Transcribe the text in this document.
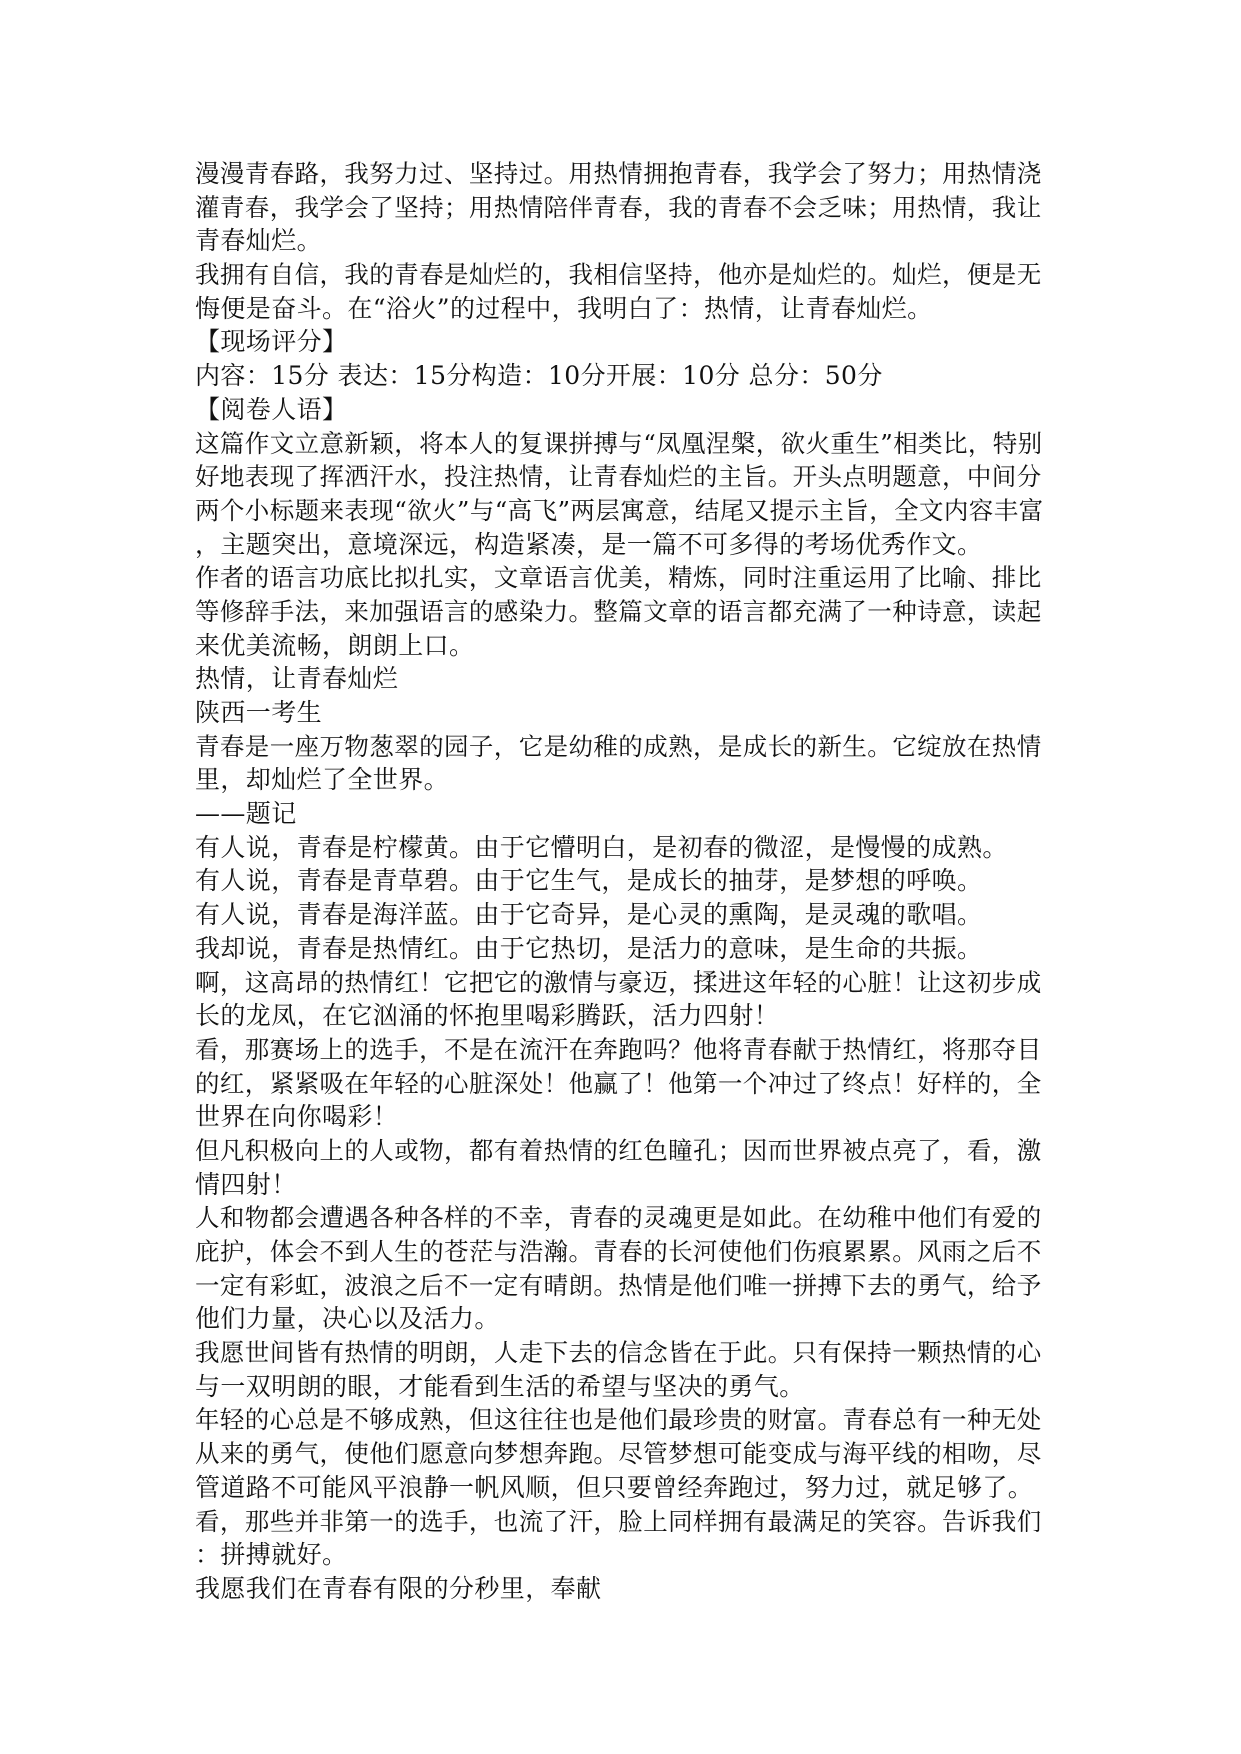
漫漫青春路，我努力过、坚持过。用热情拥抱青春，我学会了努力；用热情浇
灌青春，我学会了坚持；用热情陪伴青春，我的青春不会乏味；用热情，我让
青春灿烂。
我拥有自信，我的青春是灿烂的，我相信坚持，他亦是灿烂的。灿烂，便是无
悔便是奋斗。在“浴火”的过程中，我明白了：热情，让青春灿烂。
【现场评分】
内容：15分 表达：15分构造：10分开展：10分 总分：50分
【阅卷人语】
这篇作文立意新颖，将本人的复课拼搏与“凤凰涅槃，欲火重生”相类比，特别
好地表现了挥洒汗水，投注热情，让青春灿烂的主旨。开头点明题意，中间分
两个小标题来表现“欲火”与“高飞”两层寓意，结尾又提示主旨，全文内容丰富
，主题突出，意境深远，构造紧凑，是一篇不可多得的考场优秀作文。
作者的语言功底比拟扎实，文章语言优美，精炼，同时注重运用了比喻、排比
等修辞手法，来加强语言的感染力。整篇文章的语言都充满了一种诗意，读起
来优美流畅，朗朗上口。
热情，让青春灿烂
陕西一考生
青春是一座万物葱翠的园子，它是幼稚的成熟，是成长的新生。它绽放在热情
里，却灿烂了全世界。
——题记
有人说，青春是柠檬黄。由于它懵明白，是初春的微涩，是慢慢的成熟。
有人说，青春是青草碧。由于它生气，是成长的抽芽，是梦想的呼唤。
有人说，青春是海洋蓝。由于它奇异，是心灵的熏陶，是灵魂的歌唱。
我却说，青春是热情红。由于它热切，是活力的意味，是生命的共振。
啊，这高昂的热情红！它把它的激情与豪迈，揉进这年轻的心脏！让这初步成
长的龙凤，在它汹涌的怀抱里喝彩腾跃，活力四射！
看，那赛场上的选手，不是在流汗在奔跑吗？他将青春献于热情红，将那夺目
的红，紧紧吸在年轻的心脏深处！他赢了！他第一个冲过了终点！好样的，全
世界在向你喝彩！
但凡积极向上的人或物，都有着热情的红色瞳孔；因而世界被点亮了，看，激
情四射！
人和物都会遭遇各种各样的不幸，青春的灵魂更是如此。在幼稚中他们有爱的
庇护，体会不到人生的苍茫与浩瀚。青春的长河使他们伤痕累累。风雨之后不
一定有彩虹，波浪之后不一定有晴朗。热情是他们唯一拼搏下去的勇气，给予
他们力量，决心以及活力。
我愿世间皆有热情的明朗，人走下去的信念皆在于此。只有保持一颗热情的心
与一双明朗的眼，才能看到生活的希望与坚决的勇气。
年轻的心总是不够成熟，但这往往也是他们最珍贵的财富。青春总有一种无处
从来的勇气，使他们愿意向梦想奔跑。尽管梦想可能变成与海平线的相吻，尽
管道路不可能风平浪静一帆风顺，但只要曾经奔跑过，努力过，就足够了。
看，那些并非第一的选手，也流了汗，脸上同样拥有最满足的笑容。告诉我们
：拼搏就好。
我愿我们在青春有限的分秒里，奉献
